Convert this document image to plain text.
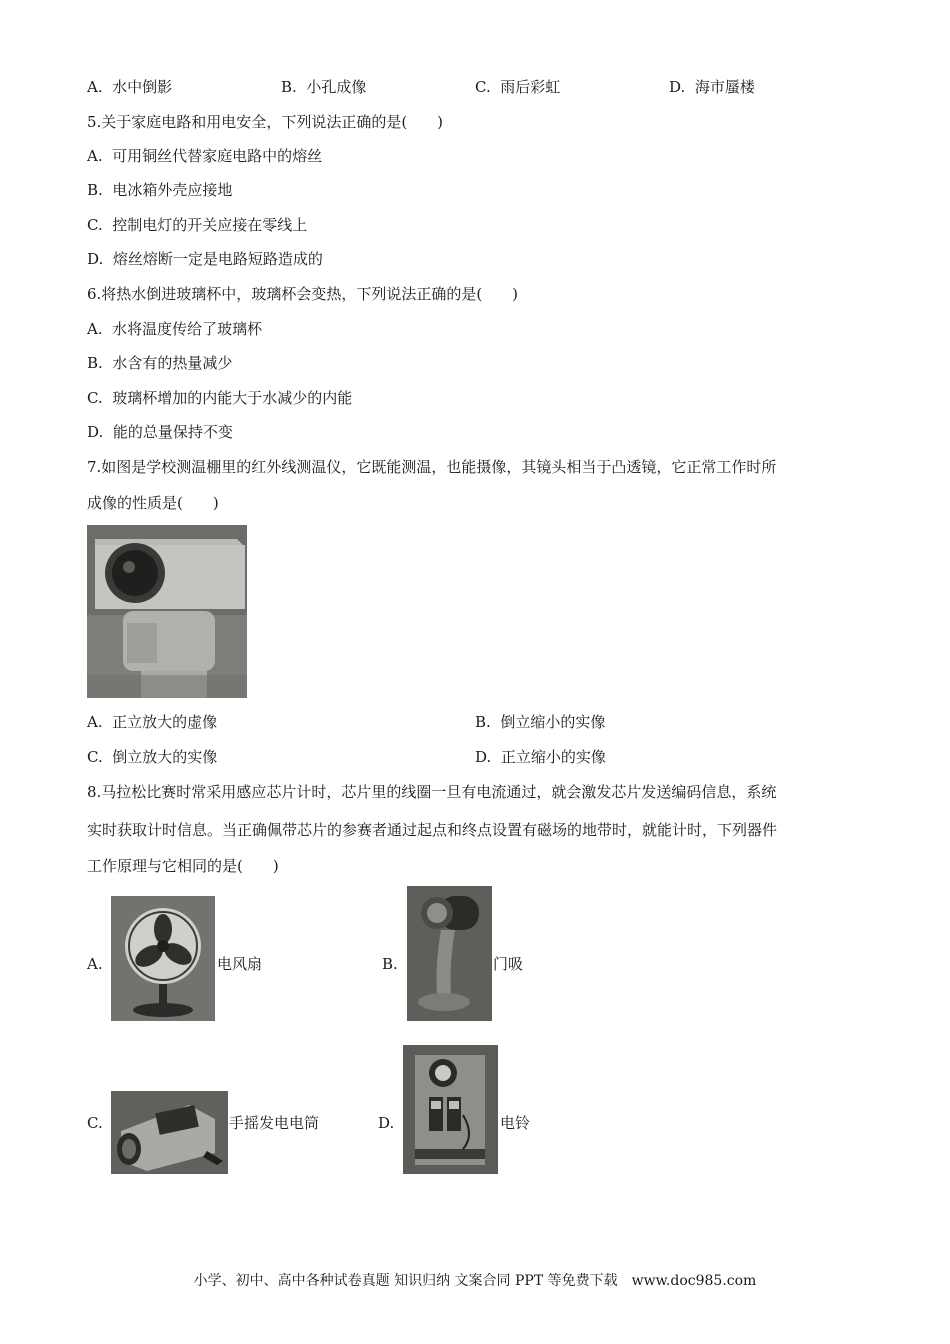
A. 水中倒影	B. 小孔成像	C. 雨后彩虹	D. 海市蜃楼
5.关于家庭电路和用电安全，下列说法正确的是(　　)
A. 可用铜丝代替家庭电路中的熔丝
B. 电冰箱外壳应接地
C. 控制电灯的开关应接在零线上
D. 熔丝熔断一定是电路短路造成的
6.将热水倒进玻璃杯中，玻璃杯会变热，下列说法正确的是(　　)
A. 水将温度传给了玻璃杯
B. 水含有的热量减少
C. 玻璃杯增加的内能大于水减少的内能
D. 能的总量保持不变
7.如图是学校测温棚里的红外线测温仪，它既能测温，也能摄像，其镜头相当于凸透镜，它正常工作时所
成像的性质是(　　)
A. 正立放大的虚像	B. 倒立缩小的实像
C. 倒立放大的实像	D. 正立缩小的实像
8.马拉松比赛时常采用感应芯片计时，芯片里的线圈一旦有电流通过，就会激发芯片发送编码信息，系统
实时获取计时信息。当正确佩带芯片的参赛者通过起点和终点设置有磁场的地带时，就能计时，下列器件
工作原理与它相同的是(　　)
A.	电风扇	B.	门吸
C.	手摇发电电筒	D.	电铃
小学、初中、高中各种试卷真题 知识归纳 文案合同 PPT 等免费下载　www.doc985.com
